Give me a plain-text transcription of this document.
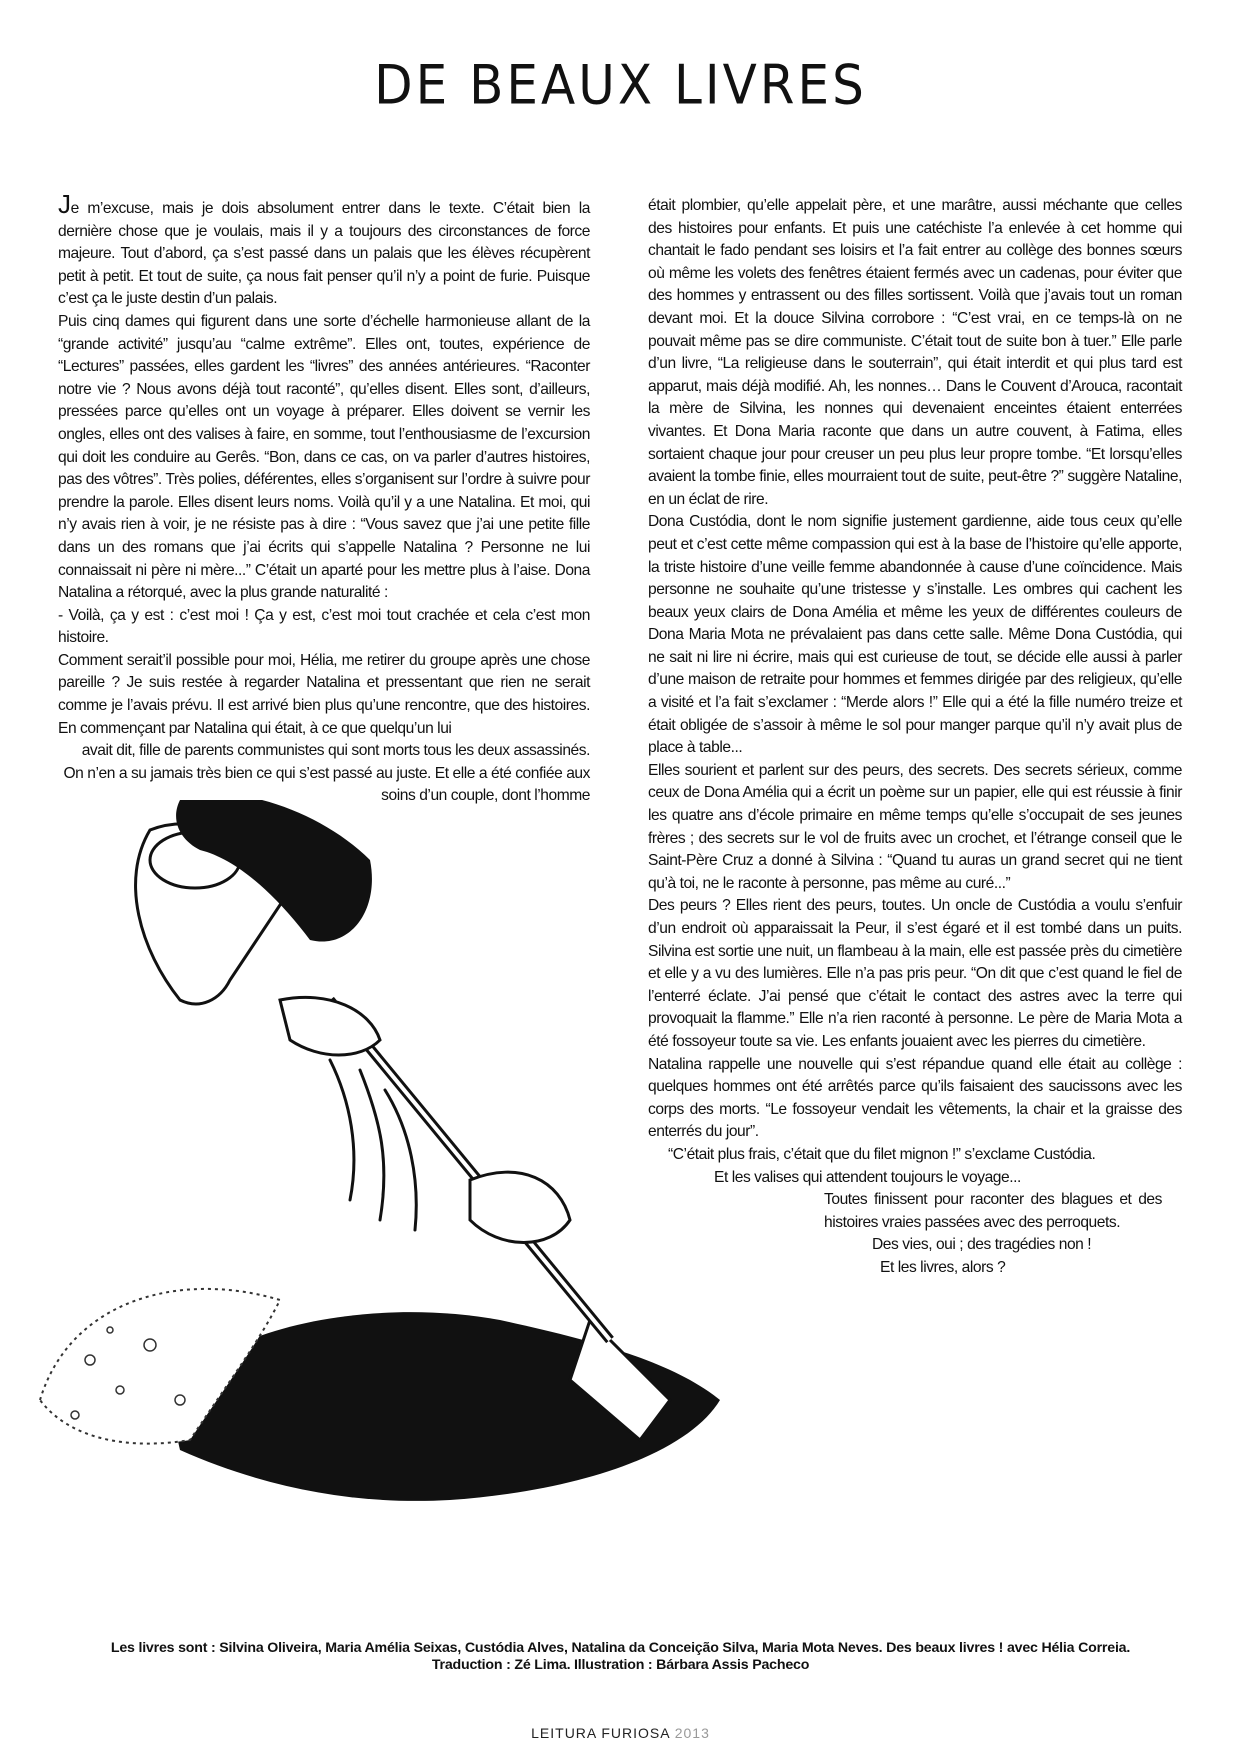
DE BEAUX LIVRES

Je m’excuse, mais je dois absolument entrer dans le texte. C’était bien la dernière chose que je voulais, mais il y a toujours des circonstances de force majeure. Tout d’abord, ça s’est passé dans un palais que les élèves récupèrent petit à petit. Et tout de suite, ça nous fait penser qu’il n’y a point de furie. Puisque c’est ça le juste destin d’un palais.

Puis cinq dames qui figurent dans une sorte d’échelle harmonieuse allant de la “grande activité” jusqu’au “calme extrême”. Elles ont, toutes, expérience de “Lectures” passées, elles gardent les “livres” des années antérieures. “Raconter notre vie ? Nous avons déjà tout raconté”, qu’elles disent. Elles sont, d’ailleurs, pressées parce qu’elles ont un voyage à préparer. Elles doivent se vernir les ongles, elles ont des valises à faire, en somme, tout l’enthousiasme de l’excursion qui doit les conduire au Gerês. “Bon, dans ce cas, on va parler d’autres histoires, pas des vôtres”. Très polies, déférentes, elles s’organisent sur l’ordre à suivre pour prendre la parole. Elles disent leurs noms. Voilà qu’il y a une Natalina. Et moi, qui n’y avais rien à voir, je ne résiste pas à dire : “Vous savez que j’ai une petite fille dans un des romans que j’ai écrits qui s’appelle Natalina ? Personne ne lui connaissait ni père ni mère...” C’était un aparté pour les mettre plus à l’aise. Dona Natalina a rétorqué, avec la plus grande naturalité :

- Voilà, ça y est : c’est moi ! Ça y est, c’est moi tout crachée et cela c’est mon histoire.

Comment serait’il possible pour moi, Hélia, me retirer du groupe après une chose pareille ? Je suis restée à regarder Natalina et pressentant que rien ne serait comme je l’avais prévu. Il est arrivé bien plus qu’une rencontre, que des histoires. En commençant par Natalina qui était, à ce que quelqu’un lui

avait dit, fille de parents communistes qui sont morts tous les deux assassinés. On n’en a su jamais très bien ce qui s’est passé au juste. Et elle a été confiée aux soins d’un couple, dont l’homme

était plombier, qu’elle appelait père, et une marâtre, aussi méchante que celles des histoires pour enfants. Et puis une catéchiste l’a enlevée à cet homme qui chantait le fado pendant ses loisirs et l’a fait entrer au collège des bonnes sœurs où même les volets des fenêtres étaient fermés avec un cadenas, pour éviter que des hommes y entrassent ou des filles sortissent. Voilà que j’avais tout un roman devant moi. Et la douce Silvina corrobore : “C’est vrai, en ce temps-là on ne pouvait même pas se dire communiste. C’était tout de suite bon à tuer.” Elle parle d’un livre, “La religieuse dans le souterrain”, qui était interdit et qui plus tard est apparut, mais déjà modifié. Ah, les nonnes… Dans le Couvent d’Arouca, racontait la mère de Silvina, les nonnes qui devenaient enceintes étaient enterrées vivantes. Et Dona Maria raconte que dans un autre couvent, à Fatima, elles sortaient chaque jour pour creuser un peu plus leur propre tombe. “Et lorsqu’elles avaient la tombe finie, elles mourraient tout de suite, peut-être ?” suggère Nataline, en un éclat de rire.

Dona Custódia, dont le nom signifie justement gardienne, aide tous ceux qu’elle peut et c’est cette même compassion qui est à la base de l’histoire qu’elle apporte, la triste histoire d’une veille femme abandonnée à cause d’une coïncidence. Mais personne ne souhaite qu’une tristesse y s’installe. Les ombres qui cachent les beaux yeux clairs de Dona Amélia et même les yeux de différentes couleurs de Dona Maria Mota ne prévalaient pas dans cette salle. Même Dona Custódia, qui ne sait ni lire ni écrire, mais qui est curieuse de tout, se décide elle aussi à parler d’une maison de retraite pour hommes et femmes dirigée par des religieux, qu’elle a visité et l’a fait s’exclamer : “Merde alors !” Elle qui a été la fille numéro treize et était obligée de s’assoir à même le sol pour manger parque qu’il n’y avait plus de place à table...

Elles sourient et parlent sur des peurs, des secrets. Des secrets sérieux, comme ceux de Dona Amélia qui a écrit un poème sur un papier, elle qui est réussie à finir les quatre ans d’école primaire en même temps qu’elle s’occupait de ses jeunes frères ; des secrets sur le vol de fruits avec un crochet, et l’étrange conseil que le Saint-Père Cruz a donné à Silvina : “Quand tu auras un grand secret qui ne tient qu’à toi, ne le raconte à personne, pas même au curé...”

Des peurs ? Elles rient des peurs, toutes. Un oncle de Custódia a voulu s’enfuir d’un endroit où apparaissait la Peur, il s’est égaré et il est tombé dans un puits. Silvina est sortie une nuit, un flambeau à la main, elle est passée près du cimetière et elle y a vu des lumières. Elle n’a pas pris peur. “On dit que c’est quand le fiel de l’enterré éclate. J’ai pensé que c’était le contact des astres avec la terre qui provoquait la flamme.” Elle n’a rien raconté à personne. Le père de Maria Mota a été fossoyeur toute sa vie. Les enfants jouaient avec les pierres du cimetière.

Natalina rappelle une nouvelle qui s’est répandue quand elle était au collège : quelques hommes ont été arrêtés parce qu’ils faisaient des saucissons avec les corps des morts. “Le fossoyeur vendait les vêtements, la chair et la graisse des enterrés du jour”.

“C’était plus frais, c’était que du filet mignon !” s’exclame Custódia.

Et les valises qui attendent toujours le voyage...

Toutes finissent pour raconter des blagues et des histoires vraies passées avec des perroquets.

Des vies, oui ; des tragédies non !

Et les livres, alors ?

Les livres sont : Silvina Oliveira, Maria Amélia Seixas, Custódia Alves, Natalina da Conceição Silva, Maria Mota Neves. Des beaux livres ! avec Hélia Correia.
Traduction : Zé Lima. Illustration : Bárbara Assis Pacheco
LEITURA FURIOSA 2013
